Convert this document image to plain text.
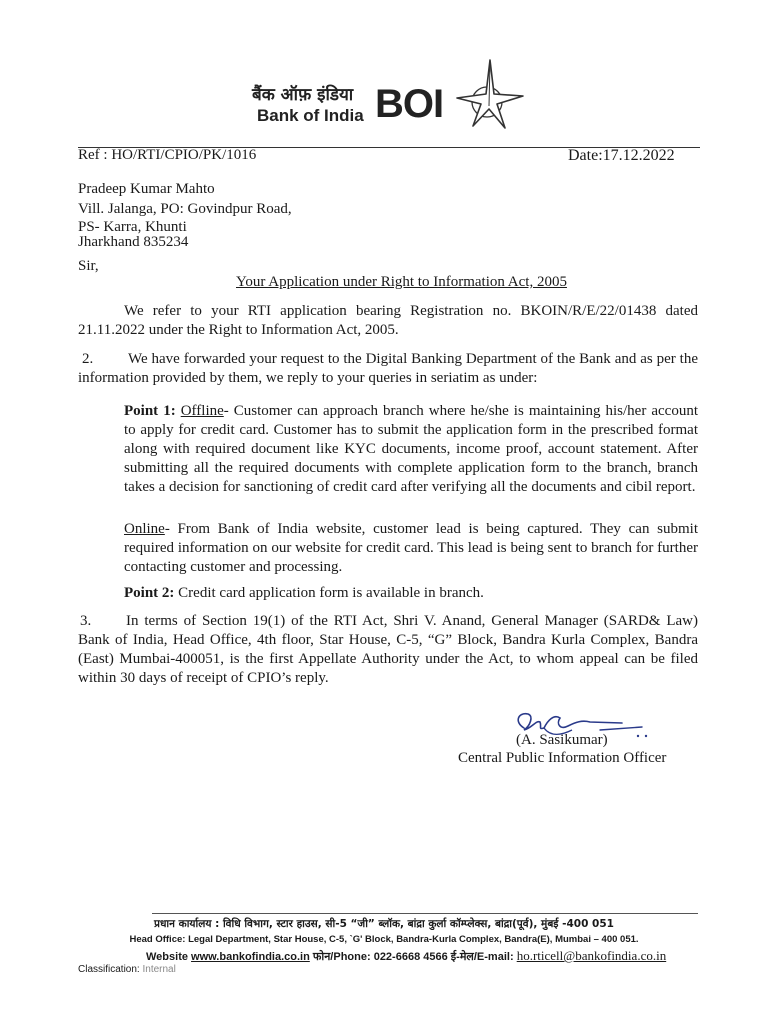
बैंक ऑफ़ इंडिया
Bank of India BOI
Ref : HO/RTI/CPIO/PK/1016	Date:17.12.2022
Pradeep Kumar Mahto
Vill. Jalanga, PO: Govindpur Road,
PS- Karra, Khunti
Jharkhand 835234
Sir,
Your Application under Right to Information Act, 2005
We refer to your RTI application bearing Registration no. BKOIN/R/E/22/01438 dated 21.11.2022 under the Right to Information Act, 2005.
2. We have forwarded your request to the Digital Banking Department of the Bank and as per the information provided by them, we reply to your queries in seriatim as under:
Point 1: Offline- Customer can approach branch where he/she is maintaining his/her account to apply for credit card. Customer has to submit the application form in the prescribed format along with required document like KYC documents, income proof, account statement. After submitting all the required documents with complete application form to the branch, branch takes a decision for sanctioning of credit card after verifying all the documents and cibil report.
Online- From Bank of India website, customer lead is being captured. They can submit required information on our website for credit card. This lead is being sent to branch for further contacting customer and processing.
Point 2: Credit card application form is available in branch.
3. In terms of Section 19(1) of the RTI Act, Shri V. Anand, General Manager (SARD& Law) Bank of India, Head Office, 4th floor, Star House, C-5, “G” Block, Bandra Kurla Complex, Bandra (East) Mumbai-400051, is the first Appellate Authority under the Act, to whom appeal can be filed within 30 days of receipt of CPIO’s reply.
(A. Sasikumar)
Central Public Information Officer
प्रधान कार्यालय : विधि विभाग, स्टार हाउस, सी-5 “जी” ब्लॉक, बांद्रा कुर्ला कॉम्प्लेक्स, बांद्रा(पूर्व), मुंबई -400 051
Head Office: Legal Department, Star House, C-5, `G' Block, Bandra-Kurla Complex, Bandra(E), Mumbai – 400 051.
Website www.bankofindia.co.in फोन/Phone: 022-6668 4566 ई-मेल/E-mail: ho.rticell@bankofindia.co.in
Classification: Internal
